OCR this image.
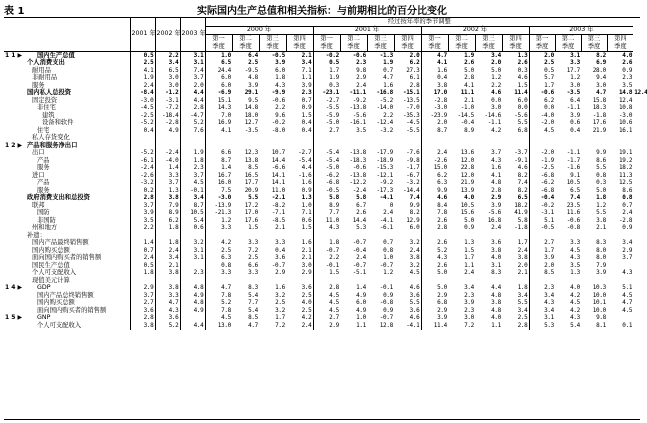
表 1	实际国内生产总值和相关指标：与前期相比的百分比变化
		2001 年	2002 年	2003 年	经过按年率的季节调整																
					2000 年				2001 年				2002 年				2003 年				
					第一	第二	第三	第四	第一	第二	第三	第四	第一	第二	第三	第四	第一	第二	第三	第四	
					季度	季度	季度	季度	季度	季度	季度	季度	季度	季度	季度	季度	季度	季度	季度	季度	
1 1 ▶	国内生产总值	0.5	2.2	3.1	1.0	6.4	-0.5	2.1	-0.2	-0.6	-1.3	2.0	4.7	1.9	3.4	1.3	2.0	3.1	8.2	4.0	
	个人消费支出	2.5	3.4	3.1	6.5	2.5	3.9	3.4	0.5	2.3	1.9	6.2	4.1	2.6	2.0	2.6	2.5	3.3	6.9	2.6	
	耐用品	4.1	6.5	7.4	24.4	-9.5	6.0	7.1	1.7	9.8	0.7	27.3	1.6	5.0	5.0	0.3	0.5	17.7	28.0	0.9	
	非耐用品	1.9	3.0	3.7	6.0	4.8	1.8	1.1	1.9	2.9	4.7	6.1	0.4	2.8	1.2	4.6	5.7	1.2	9.4	2.3	
	服务	2.4	3.0	2.0	6.0	3.9	4.3	3.9	0.3	2.4	1.6	2.8	3.8	4.1	2.2	1.5	1.7	3.0	3.0	3.5	
	国内私人总投资	-8.4	-1.2	4.4	-6.9	29.1	-9.9	2.3	-23.1	-11.1	-16.8	-15.1	17.0	11.1	4.6	11.4	-0.6	-3.5	4.7	14.8	12.4
	固定投资	-3.0	-3.1	4.4	15.1	9.5	-0.6	0.7	-2.7	-9.2	-5.2	-13.5	-2.8	2.1	0.0	6.0	6.2	6.4	15.8	12.4	
	非住宅	-4.5	-7.2	2.8	14.3	14.8	2.2	0.9	-5.5	-13.8	-14.0	-7.0	-3.0	-1.0	3.0	0.0	0.0	-1.1	18.3	10.8	
	建筑	-2.5	-18.4	-4.7	7.0	18.0	9.6	1.5	-5.9	-5.6	2.2	-35.3	-23.9	-14.5	-14.6	-5.6	-4.0	3.9	-1.8	-3.0	
	设备和软件	-5.2	-2.8	5.2	16.9	12.7	-0.2	0.4	-5.0	-16.1	-12.4	-4.5	2.0	-0.4	-1.1	5.5	-2.0	0.6	17.6	10.6	
	住宅	0.4	4.9	7.6	4.1	-3.5	-8.0	0.4	2.7	3.5	-3.2	-5.5	8.7	8.9	4.2	6.8	4.5	0.4	21.9	16.1	
	私人存货变化																				
1 2 ▶	产品和服务净出口																				
	出口	-5.2	-2.4	1.9	6.6	12.3	10.7	-2.7	-5.4	-13.8	-17.9	-7.6	2.4	13.6	3.7	-3.7	-2.0	-1.1	9.9	19.1	
	产品	-6.1	-4.0	1.8	8.7	13.8	14.4	-5.4	-5.4	-18.3	-18.9	-9.8	-2.6	12.0	4.3	-9.1	-1.9	-1.7	8.6	19.2	
	服务	-2.4	1.4	2.3	1.4	8.5	-6.6	4.4	-5.0	-0.6	-15.3	-1.7	15.0	22.8	1.6	4.6	-2.5	-1.6	5.5	18.2	
	进口	-2.6	3.3	3.7	16.7	16.5	14.1	-1.6	-6.2	-13.8	-12.1	-6.7	6.2	12.0	4.1	8.2	-6.8	9.1	0.8	11.3	
	产品	-3.2	3.7	4.5	16.0	17.7	14.1	1.6	-6.8	-12.2	-9.2	-3.2	6.3	21.9	4.8	7.4	-6.2	10.5	0.3	12.5	
	服务	0.2	1.3	-0.1	7.5	20.9	11.0	0.9	-0.5	-2.4	-17.3	-14.4	9.9	13.9	2.8	8.2	-6.8	6.5	5.0	8.6	
	政府消费支出和总投资	2.8	3.8	3.4	-3.0	5.5	-2.1	1.3	5.8	5.8	-4.1	7.4	4.6	4.0	2.9	6.5	-0.4	7.4	1.8	0.8	
	联邦	3.7	7.9	8.7	-13.9	17.2	-8.2	1.0	8.9	6.7	0	9.9	8.4	10.5	3.9	18.2	-0.2	23.5	1.2	0.7	
	国防	3.9	8.9	10.5	-21.3	17.0	-7.1	7.1	7.7	2.6	2.4	8.2	7.8	15.6	-5.6	41.9	-3.1	11.6	5.5	2.4	
	非国防	3.5	6.2	5.4	1.2	17.6	-8.5	0.6	11.0	14.4	-4.1	12.9	2.6	5.0	16.8	5.8	5.1	-0.6	3.8	-2.8	
	州和地方	2.2	1.8	0.6	3.3	1.5	2.1	1.5	4.3	5.3	-6.1	6.0	2.8	0.9	2.4	-1.8	-0.5	-0.8	2.1	0.9	
	补遗：																				
	国内产品最终销售额	1.4	1.8	3.2	4.2	3.3	3.3	1.6	1.8	-0.7	0.7	3.2	2.6	1.3	3.6	1.7	2.7	3.3	8.3	3.4	
	国内购买总额	0.7	2.4	3.1	2.5	7.2	0.4	2.1	-0.7	-0.4	0.8	2.4	5.2	1.5	3.8	2.4	1.7	4.5	8.0	2.9	
	面向国内购买者的销售额	2.4	3.4	3.1	6.3	2.5	3.6	2.1	2.2	2.4	1.0	3.8	4.3	1.7	4.0	3.8	3.9	4.3	8.0	3.7	
	国民生产总值	0.5	2.1		0.8	6.6	-0.7	3.0	-0.1	-0.7	-0.7	3.2	2.6	1.1	3.1	2.0	2.0	3.5	7.9		
	个人可支配收入	1.8	3.8	2.3	3.3	3.3	2.9	2.9	1.5	-5.1	1.2	4.5	5.0	2.4	8.3	2.1	8.5	1.3	3.9	4.3	
	现值美元计算																				
1 4 ▶	GDP	2.9	3.8	4.8	4.7	8.3	1.6	3.6	2.8	1.4	-0.1	4.6	5.0	3.4	4.4	1.8	2.3	4.0	10.3	5.1	
	国内产品总终销售额	3.7	3.3	4.9	7.8	5.4	3.2	2.5	4.5	4.9	0.9	3.6	2.9	2.3	4.8	3.4	3.4	4.2	10.0	4.5	
	国内购买总额	2.7	4.7	4.8	5.2	7.7	2.5	4.0	4.5	6.0	-0.8	5.5	6.8	3.9	3.8	5.5	4.3	4.5	10.1	4.7	
	面向国内购买者的销售额	3.6	4.3	4.9	7.8	5.4	3.2	2.5	4.5	4.9	0.9	3.6	2.9	2.3	4.8	3.4	3.4	4.2	10.0	4.5	
1 5 ▶	GNP	2.8	3.6		4.5	8.5	1.7	4.2	2.7	1.0	-0.7	4.6	3.9	3.0	4.0	2.5	3.1	4.3	9.8		
	个人可支配收入	3.8	5.2	4.4	13.0	4.7	7.2	2.4	2.9	1.1	12.8	-4.1	11.4	7.2	1.1	2.8	5.3	5.4	8.1	0.1	
